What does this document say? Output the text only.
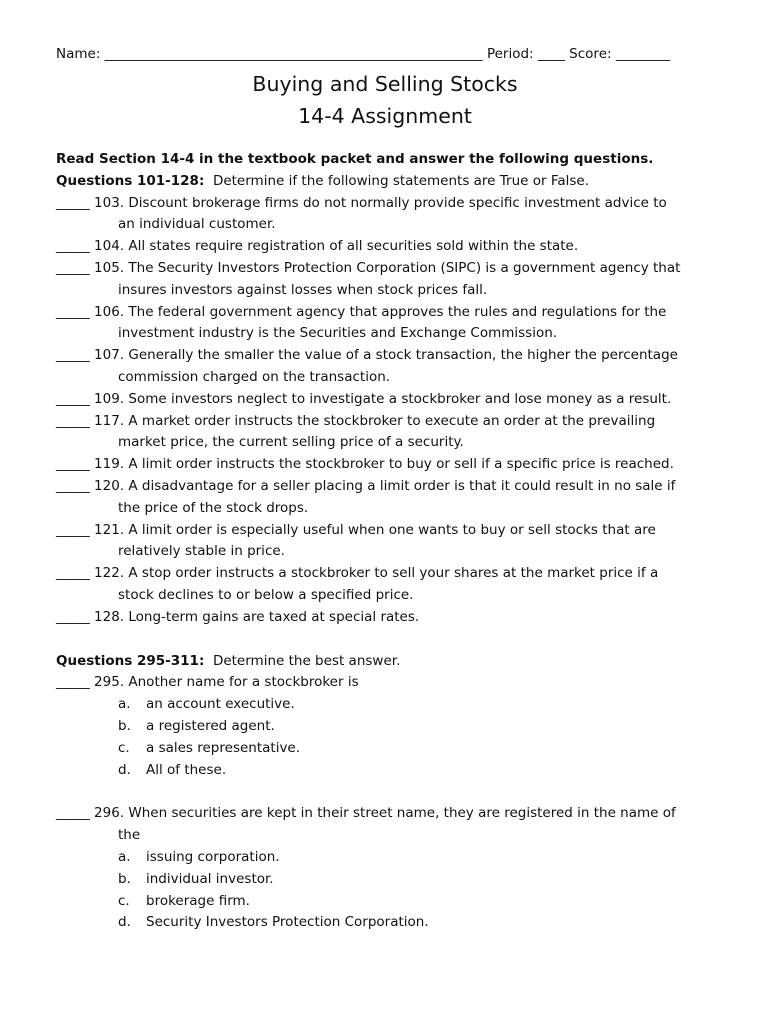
Name: ________________________________________________________ Period: ____ Score: ________
Buying and Selling Stocks
14-4 Assignment
Read Section 14-4 in the textbook packet and answer the following questions.
Questions 101-128: Determine if the following statements are True or False.
_____ 103. Discount brokerage firms do not normally provide specific investment advice to
an individual customer.
_____ 104. All states require registration of all securities sold within the state.
_____ 105. The Security Investors Protection Corporation (SIPC) is a government agency that
insures investors against losses when stock prices fall.
_____ 106. The federal government agency that approves the rules and regulations for the
investment industry is the Securities and Exchange Commission.
_____ 107. Generally the smaller the value of a stock transaction, the higher the percentage
commission charged on the transaction.
_____ 109. Some investors neglect to investigate a stockbroker and lose money as a result.
_____ 117. A market order instructs the stockbroker to execute an order at the prevailing
market price, the current selling price of a security.
_____ 119. A limit order instructs the stockbroker to buy or sell if a specific price is reached.
_____ 120. A disadvantage for a seller placing a limit order is that it could result in no sale if
the price of the stock drops.
_____ 121. A limit order is especially useful when one wants to buy or sell stocks that are
relatively stable in price.
_____ 122. A stop order instructs a stockbroker to sell your shares at the market price if a
stock declines to or below a specified price.
_____ 128. Long-term gains are taxed at special rates.
Questions 295-311: Determine the best answer.
_____ 295. Another name for a stockbroker is
a. an account executive.
b. a registered agent.
c. a sales representative.
d. All of these.
_____ 296. When securities are kept in their street name, they are registered in the name of
the
a. issuing corporation.
b. individual investor.
c. brokerage firm.
d. Security Investors Protection Corporation.
